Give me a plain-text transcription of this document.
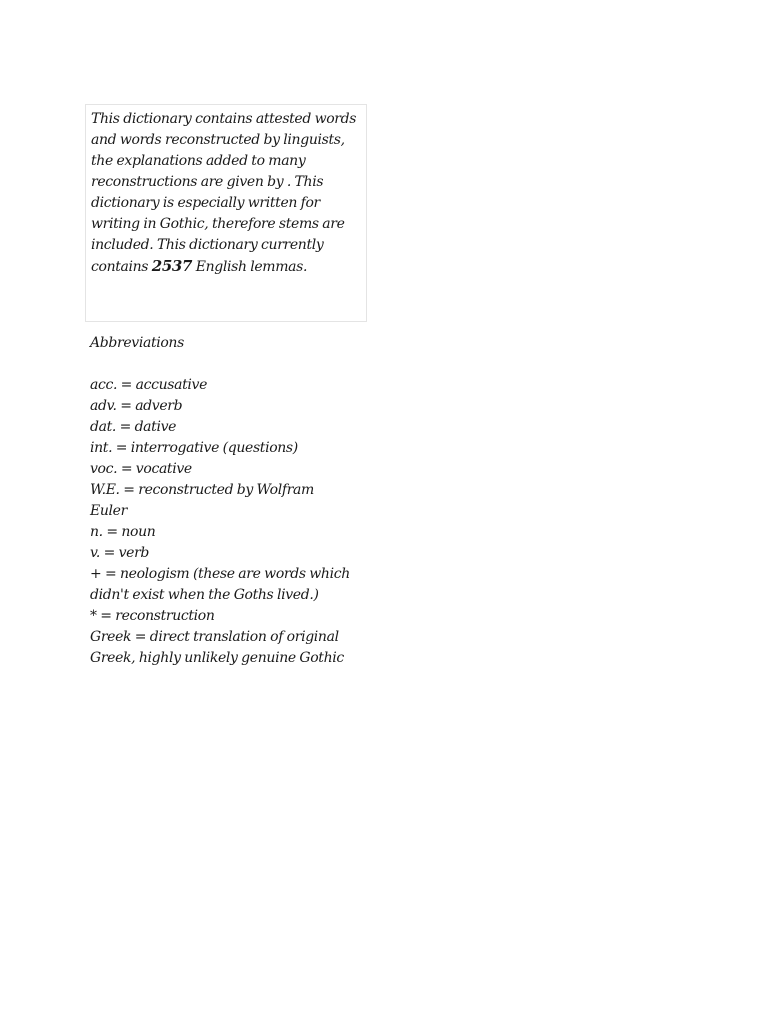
This dictionary contains attested words and words reconstructed by linguists, the explanations added to many reconstructions are given by . This dictionary is especially written for writing in Gothic, therefore stems are included. This dictionary currently contains 2537 English lemmas.

Abbreviations

acc. = accusative
adv. = adverb
dat. = dative
int. = interrogative (questions)
voc. = vocative
W.E. = reconstructed by Wolfram Euler
n. = noun
v. = verb
+ = neologism (these are words which didn't exist when the Goths lived.)
* = reconstruction
Greek = direct translation of original Greek, highly unlikely genuine Gothic
